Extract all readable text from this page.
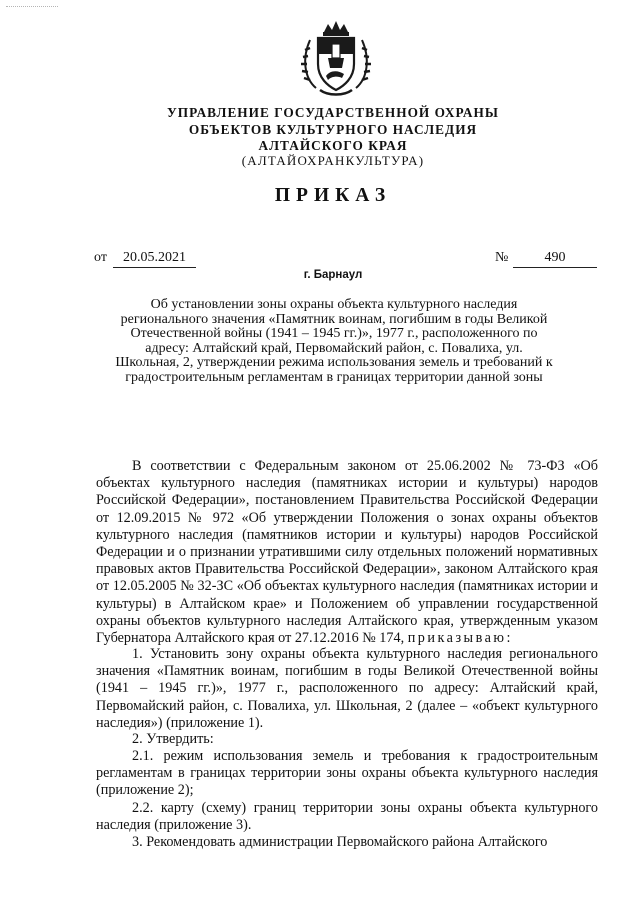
УПРАВЛЕНИЕ ГОСУДАРСТВЕННОЙ ОХРАНЫ
ОБЪЕКТОВ КУЛЬТУРНОГО НАСЛЕДИЯ
АЛТАЙСКОГО КРАЯ
(АЛТАЙОХРАНКУЛЬТУРА)
ПРИКАЗ
от	20.05.2021	№	490
г. Барнаул
Об установлении зоны охраны объекта культурного наследия регионального значения «Памятник воинам, погибшим в годы Великой Отечественной войны (1941 – 1945 гг.)», 1977 г., расположенного по адресу: Алтайский край, Первомайский район, с. Повалиха, ул. Школьная, 2, утверждении режима использования земель и требований к градостроительным регламентам в границах территории данной зоны
В соответствии с Федеральным законом от 25.06.2002 № 73-ФЗ «Об объектах культурного наследия (памятниках истории и культуры) народов Российской Федерации», постановлением Правительства Российской Федерации от 12.09.2015 № 972 «Об утверждении Положения о зонах охраны объектов культурного наследия (памятников истории и культуры) народов Российской Федерации и о признании утратившими силу отдельных положений нормативных правовых актов Правительства Российской Федерации», законом Алтайского края от 12.05.2005 № 32-ЗС «Об объектах культурного наследия (памятниках истории и культуры) в Алтайском крае» и Положением об управлении государственной охраны объектов культурного наследия Алтайского края, утвержденным указом Губернатора Алтайского края от 27.12.2016 № 174, приказываю:
1. Установить зону охраны объекта культурного наследия регионального значения «Памятник воинам, погибшим в годы Великой Отечественной войны (1941 – 1945 гг.)», 1977 г., расположенного по адресу: Алтайский край, Первомайский район, с. Повалиха, ул. Школьная, 2 (далее – «объект культурного наследия») (приложение 1).
2. Утвердить:
2.1. режим использования земель и требования к градостроительным регламентам в границах территории зоны охраны объекта культурного наследия (приложение 2);
2.2. карту (схему) границ территории зоны охраны объекта культурного наследия (приложение 3).
3. Рекомендовать администрации Первомайского района Алтайского
